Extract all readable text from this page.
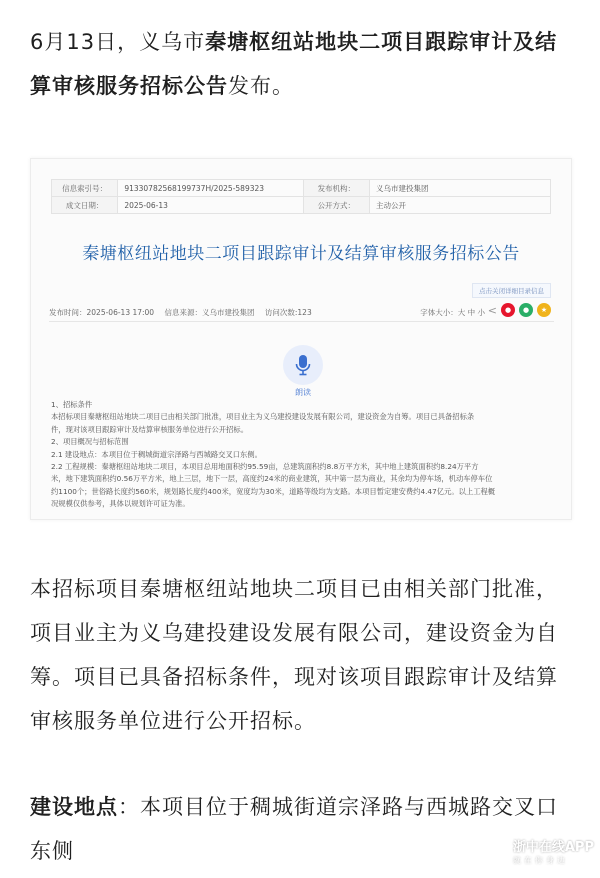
6月13日，义乌市秦塘枢纽站地块二项目跟踪审计及结算审核服务招标公告发布。
信息索引号：	91330782568199737H/2025-589323	发布机构：	义乌市建投集团
成文日期：	2025-06-13	公开方式：	主动公开
秦塘枢纽站地块二项目跟踪审计及结算审核服务招标公告
点击关闭详细目录信息
发布时间：2025-06-13 17:00 信息来源：义乌市建投集团 访问次数:123	字体大小：大 中 小 <	●	●	★
朗读
1、招标条件
本招标项目秦塘枢纽站地块二项目已由相关部门批准，项目业主为义乌建投建设发展有限公司，建设资金为自筹。项目已具备招标条
件，现对该项目跟踪审计及结算审核服务单位进行公开招标。
2、项目概况与招标范围
2.1 建设地点：本项目位于稠城街道宗泽路与西城路交叉口东侧。
2.2 工程规模：秦塘枢纽站地块二项目，本项目总用地面积约95.59亩，总建筑面积约8.8万平方米，其中地上建筑面积约8.24万平方
米，地下建筑面积约0.56万平方米，地上三层，地下一层，高度约24米的商业建筑，其中第一层为商业，其余均为停车场，机动车停车位
约1100个；世俗路长度约560米，规划路长度约400米，宽度均为30米，道路等级均为支路。本项目暂定建安费约4.47亿元。以上工程概
况规模仅供参考，具体以规划许可证为准。
本招标项目秦塘枢纽站地块二项目已由相关部门批准，项目业主为义乌建投建设发展有限公司，建设资金为自筹。项目已具备招标条件，现对该项目跟踪审计及结算审核服务单位进行公开招标。
建设地点：本项目位于稠城街道宗泽路与西城路交叉口东侧	浙中在线APP
就在你身边
